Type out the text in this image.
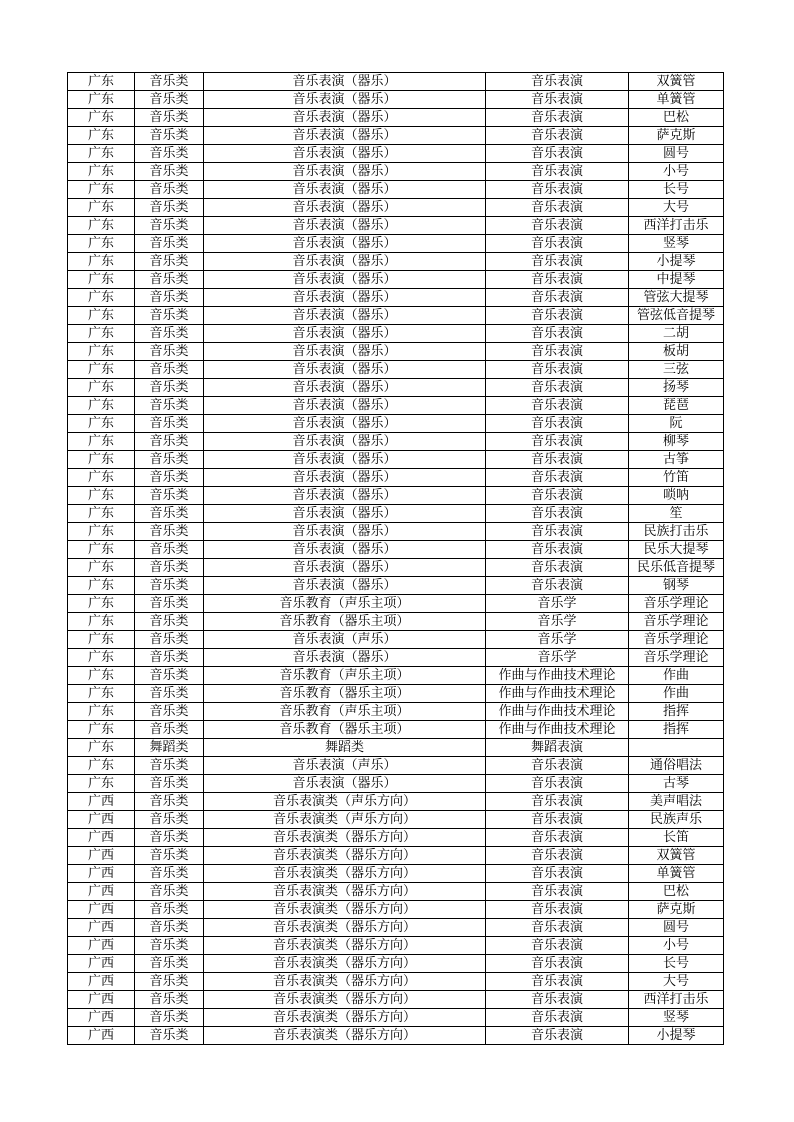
广东	音乐类	音乐表演（器乐）	音乐表演	双簧管
广东	音乐类	音乐表演（器乐）	音乐表演	单簧管
广东	音乐类	音乐表演（器乐）	音乐表演	巴松
广东	音乐类	音乐表演（器乐）	音乐表演	萨克斯
广东	音乐类	音乐表演（器乐）	音乐表演	圆号
广东	音乐类	音乐表演（器乐）	音乐表演	小号
广东	音乐类	音乐表演（器乐）	音乐表演	长号
广东	音乐类	音乐表演（器乐）	音乐表演	大号
广东	音乐类	音乐表演（器乐）	音乐表演	西洋打击乐
广东	音乐类	音乐表演（器乐）	音乐表演	竖琴
广东	音乐类	音乐表演（器乐）	音乐表演	小提琴
广东	音乐类	音乐表演（器乐）	音乐表演	中提琴
广东	音乐类	音乐表演（器乐）	音乐表演	管弦大提琴
广东	音乐类	音乐表演（器乐）	音乐表演	管弦低音提琴
广东	音乐类	音乐表演（器乐）	音乐表演	二胡
广东	音乐类	音乐表演（器乐）	音乐表演	板胡
广东	音乐类	音乐表演（器乐）	音乐表演	三弦
广东	音乐类	音乐表演（器乐）	音乐表演	扬琴
广东	音乐类	音乐表演（器乐）	音乐表演	琵琶
广东	音乐类	音乐表演（器乐）	音乐表演	阮
广东	音乐类	音乐表演（器乐）	音乐表演	柳琴
广东	音乐类	音乐表演（器乐）	音乐表演	古筝
广东	音乐类	音乐表演（器乐）	音乐表演	竹笛
广东	音乐类	音乐表演（器乐）	音乐表演	唢呐
广东	音乐类	音乐表演（器乐）	音乐表演	笙
广东	音乐类	音乐表演（器乐）	音乐表演	民族打击乐
广东	音乐类	音乐表演（器乐）	音乐表演	民乐大提琴
广东	音乐类	音乐表演（器乐）	音乐表演	民乐低音提琴
广东	音乐类	音乐表演（器乐）	音乐表演	钢琴
广东	音乐类	音乐教育（声乐主项）	音乐学	音乐学理论
广东	音乐类	音乐教育（器乐主项）	音乐学	音乐学理论
广东	音乐类	音乐表演（声乐）	音乐学	音乐学理论
广东	音乐类	音乐表演（器乐）	音乐学	音乐学理论
广东	音乐类	音乐教育（声乐主项）	作曲与作曲技术理论	作曲
广东	音乐类	音乐教育（器乐主项）	作曲与作曲技术理论	作曲
广东	音乐类	音乐教育（声乐主项）	作曲与作曲技术理论	指挥
广东	音乐类	音乐教育（器乐主项）	作曲与作曲技术理论	指挥
广东	舞蹈类	舞蹈类	舞蹈表演	
广东	音乐类	音乐表演（声乐）	音乐表演	通俗唱法
广东	音乐类	音乐表演（器乐）	音乐表演	古琴
广西	音乐类	音乐表演类（声乐方向）	音乐表演	美声唱法
广西	音乐类	音乐表演类（声乐方向）	音乐表演	民族声乐
广西	音乐类	音乐表演类（器乐方向）	音乐表演	长笛
广西	音乐类	音乐表演类（器乐方向）	音乐表演	双簧管
广西	音乐类	音乐表演类（器乐方向）	音乐表演	单簧管
广西	音乐类	音乐表演类（器乐方向）	音乐表演	巴松
广西	音乐类	音乐表演类（器乐方向）	音乐表演	萨克斯
广西	音乐类	音乐表演类（器乐方向）	音乐表演	圆号
广西	音乐类	音乐表演类（器乐方向）	音乐表演	小号
广西	音乐类	音乐表演类（器乐方向）	音乐表演	长号
广西	音乐类	音乐表演类（器乐方向）	音乐表演	大号
广西	音乐类	音乐表演类（器乐方向）	音乐表演	西洋打击乐
广西	音乐类	音乐表演类（器乐方向）	音乐表演	竖琴
广西	音乐类	音乐表演类（器乐方向）	音乐表演	小提琴
